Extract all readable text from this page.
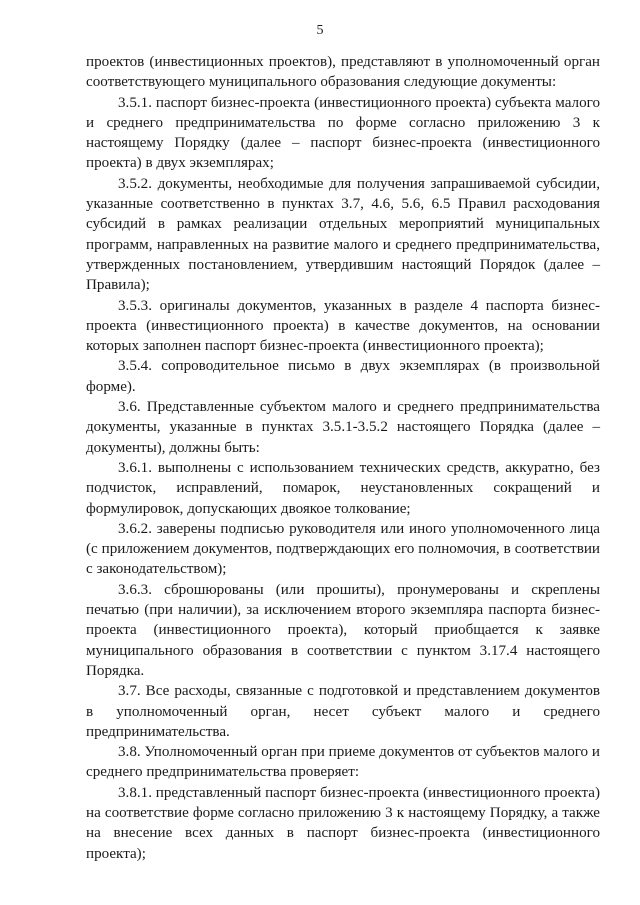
5

проектов (инвестиционных проектов), представляют в уполномоченный орган соответствующего муниципального образования следующие документы:

3.5.1. паспорт бизнес-проекта (инвестиционного проекта) субъекта малого и среднего предпринимательства по форме согласно приложению 3 к настоящему Порядку (далее – паспорт бизнес-проекта (инвестиционного проекта) в двух экземплярах;

3.5.2. документы, необходимые для получения запрашиваемой субсидии, указанные соответственно в пунктах 3.7, 4.6, 5.6, 6.5 Правил расходования субсидий в рамках реализации отдельных мероприятий муниципальных программ, направленных на развитие малого и среднего предпринимательства, утвержденных постановлением, утвердившим настоящий Порядок (далее – Правила);

3.5.3. оригиналы документов, указанных в разделе 4 паспорта бизнес-проекта (инвестиционного проекта) в качестве документов, на основании которых заполнен паспорт бизнес-проекта (инвестиционного проекта);

3.5.4. сопроводительное письмо в двух экземплярах (в произвольной форме).

3.6. Представленные субъектом малого и среднего предпринимательства документы, указанные в пунктах 3.5.1-3.5.2 настоящего Порядка (далее – документы), должны быть:

3.6.1. выполнены с использованием технических средств, аккуратно, без подчисток, исправлений, помарок, неустановленных сокращений и формулировок, допускающих двоякое толкование;

3.6.2. заверены подписью руководителя или иного уполномоченного лица (с приложением документов, подтверждающих его полномочия, в соответствии с законодательством);

3.6.3. сброшюрованы (или прошиты), пронумерованы и скреплены печатью (при наличии), за исключением второго экземпляра паспорта бизнес-проекта (инвестиционного проекта), который приобщается к заявке муниципального образования в соответствии с пунктом 3.17.4 настоящего Порядка.

3.7. Все расходы, связанные с подготовкой и представлением документов в уполномоченный орган, несет субъект малого и среднего предпринимательства.

3.8. Уполномоченный орган при приеме документов от субъектов малого и среднего предпринимательства проверяет:

3.8.1. представленный паспорт бизнес-проекта (инвестиционного проекта) на соответствие форме согласно приложению 3 к настоящему Порядку, а также на внесение всех данных в паспорт бизнес-проекта (инвестиционного проекта);
